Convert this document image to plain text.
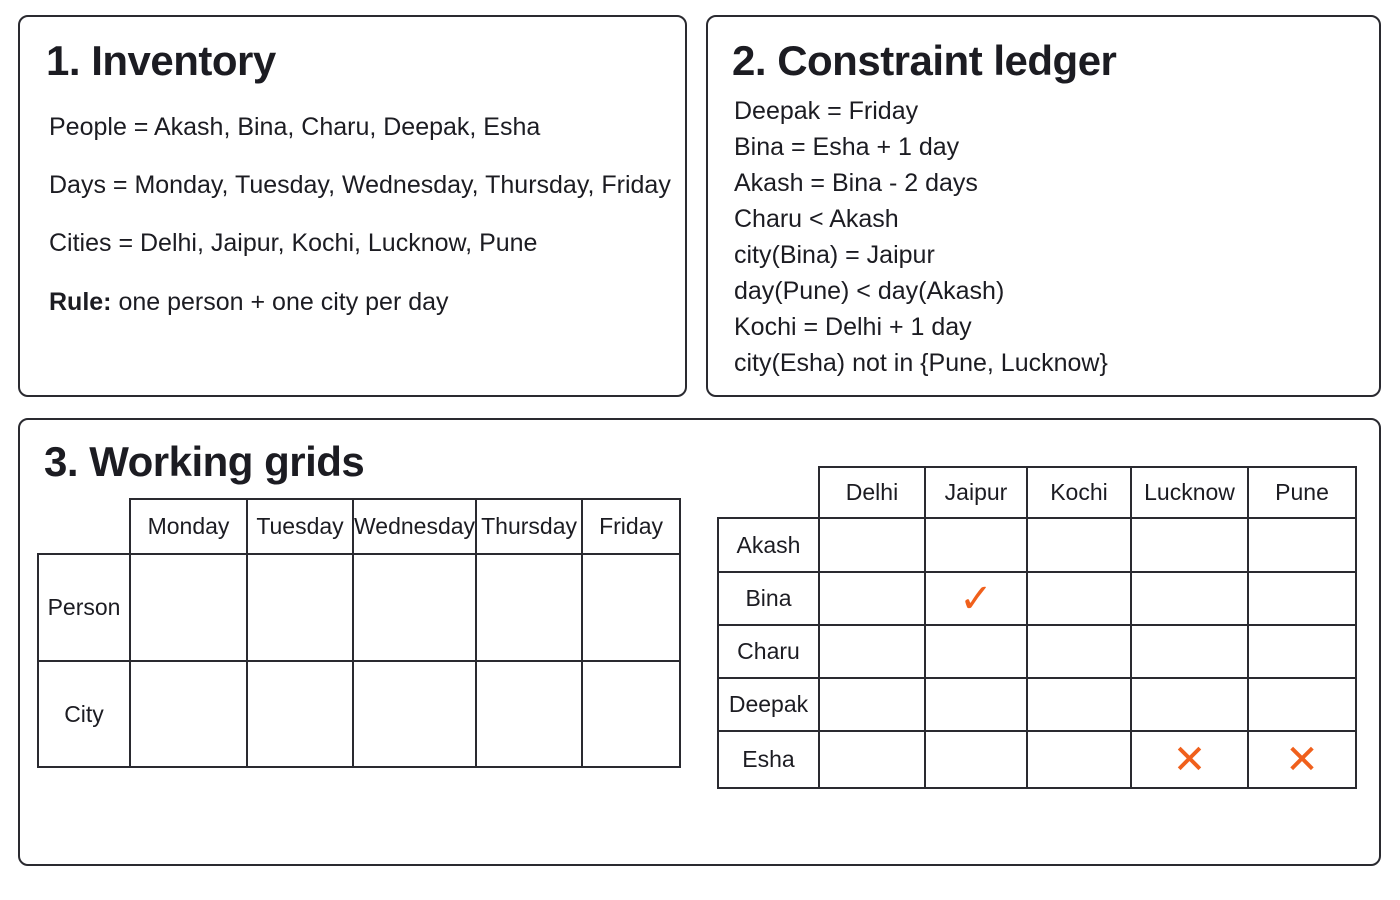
1. Inventory
People = Akash, Bina, Charu, Deepak, Esha
Days = Monday, Tuesday, Wednesday, Thursday, Friday
Cities = Delhi, Jaipur, Kochi, Lucknow, Pune
Rule: one person + one city per day
2. Constraint ledger
Deepak = Friday
Bina = Esha + 1 day
Akash = Bina - 2 days
Charu < Akash
city(Bina) = Jaipur
day(Pune) < day(Akash)
Kochi = Delhi + 1 day
city(Esha) not in {Pune, Lucknow}
3. Working grids
	Monday	Tuesday	Wednesday	Thursday	Friday
Person					
City					
	Delhi	Jaipur	Kochi	Lucknow	Pune
Akash					
Bina		✓			
Charu					
Deepak					
Esha				✕	✕
